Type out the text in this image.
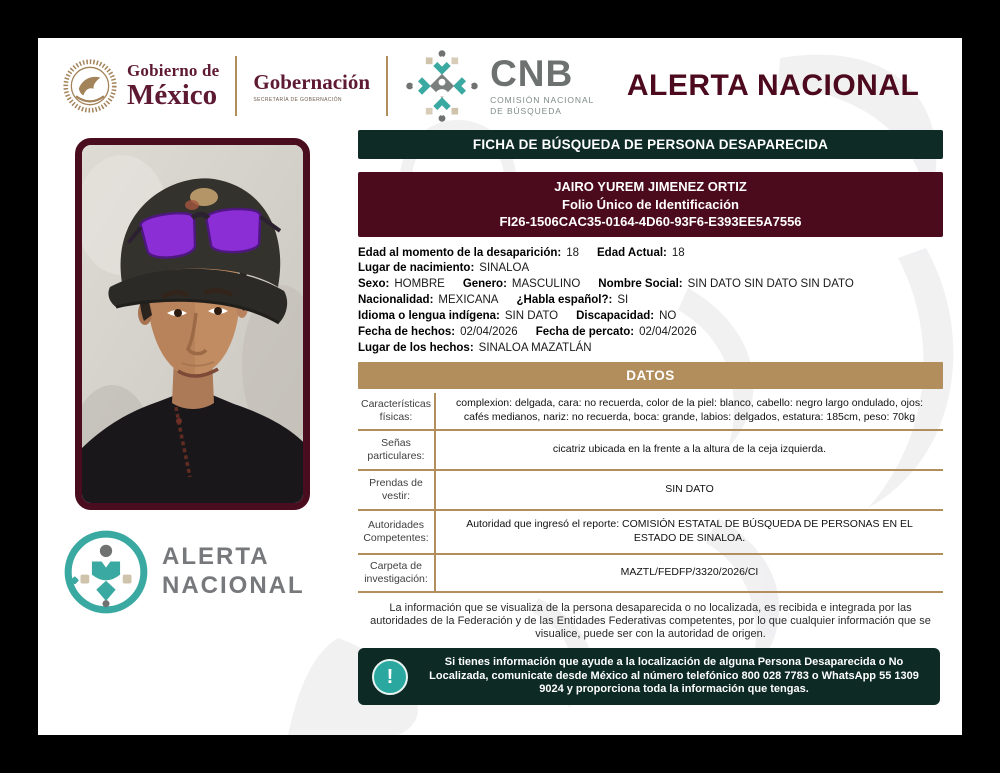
Gobierno de
México Gobernación
SECRETARÍA DE GOBERNACIÓN
CNB
COMISIÓN NACIONAL
DE BÚSQUEDA
ALERTA NACIONAL
ALERTA
NACIONAL
FICHA DE BÚSQUEDA DE PERSONA DESAPARECIDA
JAIRO YUREM JIMENEZ ORTIZ
Folio Único de Identificación
FI26-1506CAC35-0164-4D60-93F6-E393EE5A7556
Edad al momento de la desaparición: 18 Edad Actual: 18
Lugar de nacimiento: SINALOA
Sexo: HOMBRE Genero: MASCULINO Nombre Social: SIN DATO SIN DATO SIN DATO
Nacionalidad: MEXICANA ¿Habla español?: SI
Idioma o lengua indígena: SIN DATO Discapacidad: NO
Fecha de hechos: 02/04/2026 Fecha de percato: 02/04/2026
Lugar de los hechos: SINALOA MAZATLÁN
DATOS
Características físicas:
complexion: delgada, cara: no recuerda, color de la piel: blanco, cabello: negro largo ondulado, ojos: cafés medianos, nariz: no recuerda, boca: grande, labios: delgados, estatura: 185cm, peso: 70kg
Señas particulares:
cicatriz ubicada en la frente a la altura de la ceja izquierda.
Prendas de vestir:
SIN DATO
Autoridades Competentes:
Autoridad que ingresó el reporte: COMISIÓN ESTATAL DE BÚSQUEDA DE PERSONAS EN EL ESTADO DE SINALOA.
Carpeta de investigación:
MAZTL/FEDFP/3320/2026/CI

La información que se visualiza de la persona desaparecida o no localizada, es recibida e integrada por las autoridades de la Federación y de las Entidades Federativas competentes, por lo que cualquier información que se visualice, puede ser con la autoridad de origen.

!
Si tienes información que ayude a la localización de alguna Persona Desaparecida o No Localizada, comunicate desde México al número telefónico 800 028 7783 o WhatsApp 55 1309 9024 y proporciona toda la información que tengas.
